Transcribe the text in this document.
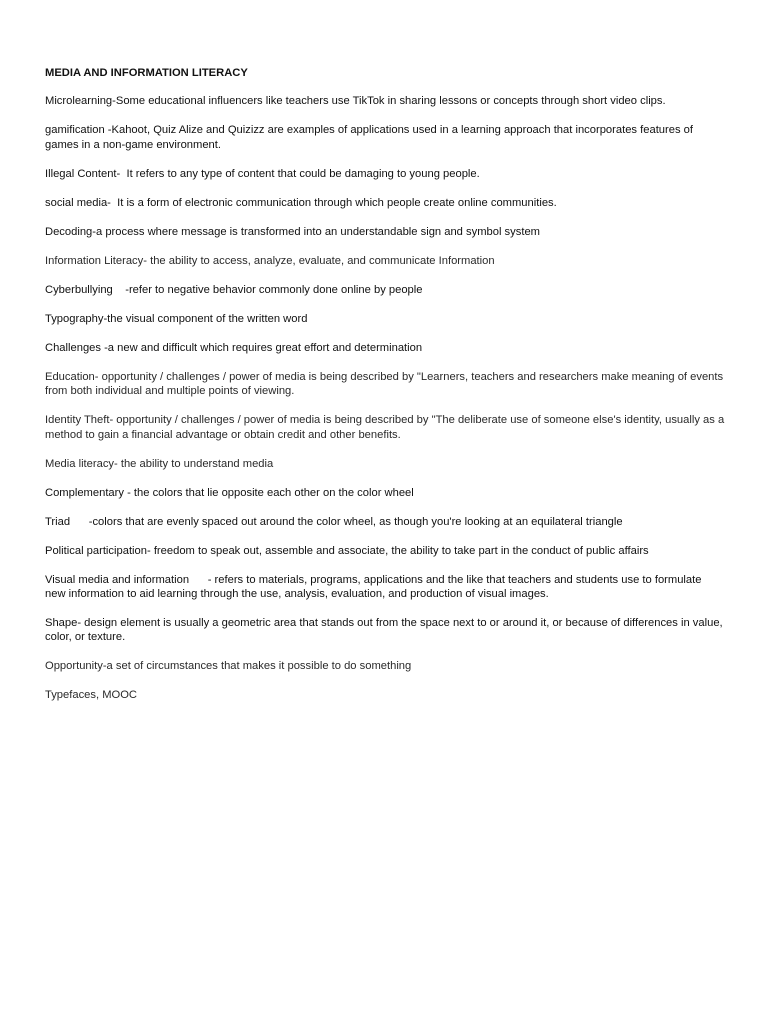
MEDIA AND INFORMATION LITERACY
Microlearning-Some educational influencers like teachers use TikTok in sharing lessons or concepts through short video clips.
gamification -Kahoot, Quiz Alize and Quizizz are examples of applications used in a learning approach that incorporates features of games in a non-game environment.
Illegal Content-  It refers to any type of content that could be damaging to young people.
social media-  It is a form of electronic communication through which people create online communities.
Decoding-a process where message is transformed into an understandable sign and symbol system
Information Literacy- the ability to access, analyze, evaluate, and communicate Information
Cyberbullying    -refer to negative behavior commonly done online by people
Typography-the visual component of the written word
Challenges -a new and difficult which requires great effort and determination
Education- opportunity / challenges / power of media is being described by "Learners, teachers and researchers make meaning of events from both individual and multiple points of viewing.
Identity Theft- opportunity / challenges / power of media is being described by "The deliberate use of someone else's identity, usually as a method to gain a financial advantage or obtain credit and other benefits.
Media literacy- the ability to understand media
Complementary - the colors that lie opposite each other on the color wheel
Triad      -colors that are evenly spaced out around the color wheel, as though you're looking at an equilateral triangle
Political participation- freedom to speak out, assemble and associate, the ability to take part in the conduct of public affairs
Visual media and information      - refers to materials, programs, applications and the like that teachers and students use to formulate new information to aid learning through the use, analysis, evaluation, and production of visual images.
Shape- design element is usually a geometric area that stands out from the space next to or around it, or because of differences in value, color, or texture.
Opportunity-a set of circumstances that makes it possible to do something
Typefaces, MOOC
